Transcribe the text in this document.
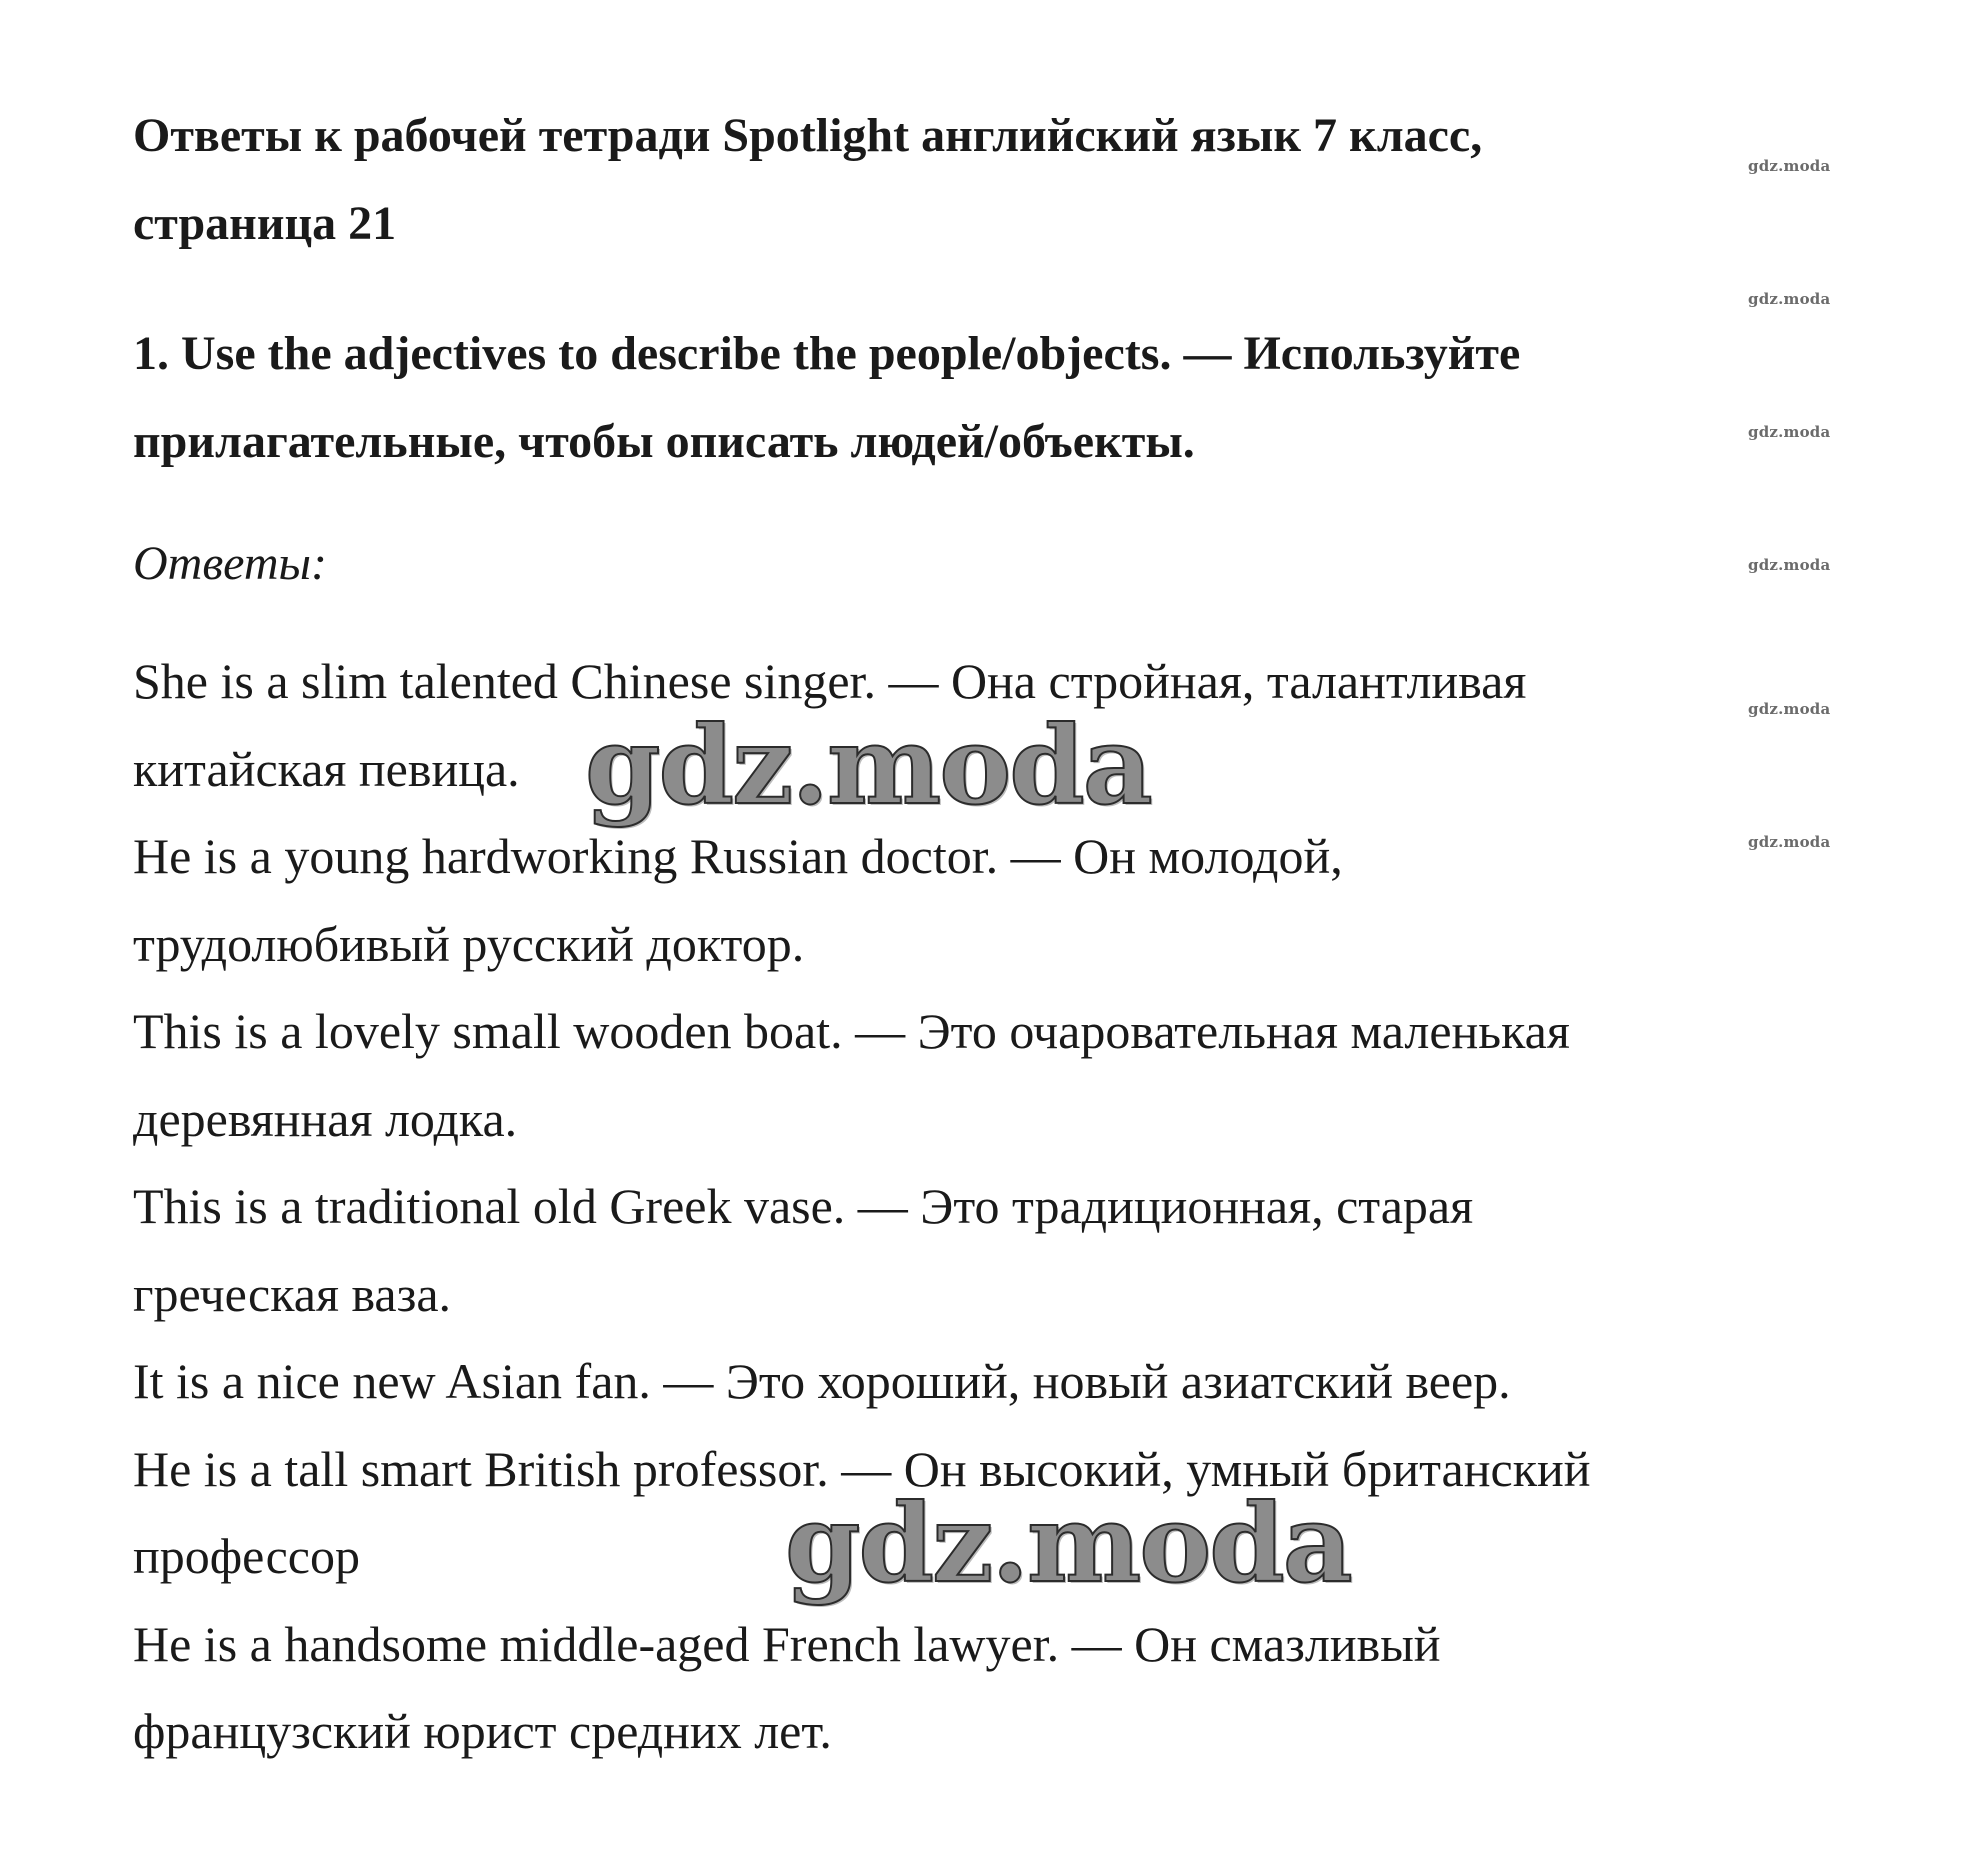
Ответы к рабочей тетради Spotlight английский язык 7 класс,
страница 21
1. Use the adjectives to describe the people/objects. — Используйте
прилагательные, чтобы описать людей/объекты.
Ответы:
She is a slim talented Chinese singer. — Она стройная, талантливая
китайская певица.
He is a young hardworking Russian doctor. — Он молодой,
трудолюбивый русский доктор.
This is a lovely small wooden boat. — Это очаровательная маленькая
деревянная лодка.
This is a traditional old Greek vase. — Это традиционная, старая
греческая ваза.
It is a nice new Asian fan. — Это хороший, новый азиатский веер.
He is a tall smart British professor. — Он высокий, умный британский
профессор
He is a handsome middle-aged French lawyer. — Он смазливый
французский юрист средних лет.
gdz.moda
gdz.moda
gdz.moda
gdz.moda
gdz.moda
gdz.moda
gdz.moda
gdz.moda
